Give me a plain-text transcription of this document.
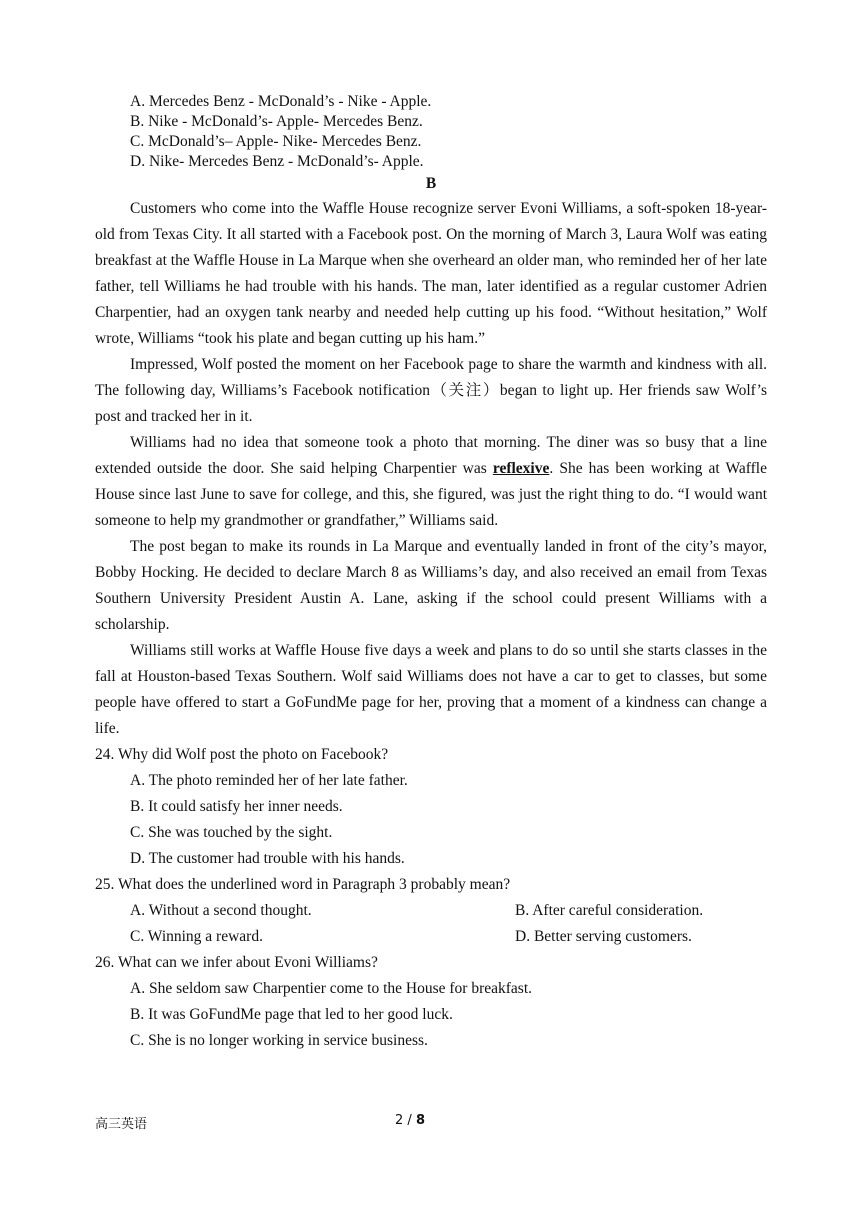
A. Mercedes Benz - McDonald’s - Nike - Apple.
B. Nike - McDonald’s- Apple- Mercedes Benz.
C. McDonald’s– Apple- Nike- Mercedes Benz.
D. Nike- Mercedes Benz - McDonald’s- Apple.
B

Customers who come into the Waffle House recognize server Evoni Williams, a soft-spoken 18-year-old from Texas City. It all started with a Facebook post. On the morning of March 3, Laura Wolf was eating breakfast at the Waffle House in La Marque when she overheard an older man, who reminded her of her late father, tell Williams he had trouble with his hands. The man, later identified as a regular customer Adrien Charpentier, had an oxygen tank nearby and needed help cutting up his food. “Without hesitation,” Wolf wrote, Williams “took his plate and began cutting up his ham.”

Impressed, Wolf posted the moment on her Facebook page to share the warmth and kindness with all. The following day, Williams’s Facebook notification（关注）began to light up. Her friends saw Wolf’s post and tracked her in it.

Williams had no idea that someone took a photo that morning. The diner was so busy that a line extended outside the door. She said helping Charpentier was reflexive. She has been working at Waffle House since last June to save for college, and this, she figured, was just the right thing to do. “I would want someone to help my grandmother or grandfather,” Williams said.

The post began to make its rounds in La Marque and eventually landed in front of the city’s mayor, Bobby Hocking. He decided to declare March 8 as Williams’s day, and also received an email from Texas Southern University President Austin A. Lane, asking if the school could present Williams with a scholarship.

Williams still works at Waffle House five days a week and plans to do so until she starts classes in the fall at Houston-based Texas Southern. Wolf said Williams does not have a car to get to classes, but some people have offered to start a GoFundMe page for her, proving that a moment of a kindness can change a life.

24. Why did Wolf post the photo on Facebook?
A. The photo reminded her of her late father.
B. It could satisfy her inner needs.
C. She was touched by the sight.
D. The customer had trouble with his hands.
25. What does the underlined word in Paragraph 3 probably mean?
A. Without a second thought.	B. After careful consideration.
C. Winning a reward.	D. Better serving customers.
26. What can we infer about Evoni Williams?
A. She seldom saw Charpentier come to the House for breakfast.
B. It was GoFundMe page that led to her good luck.
C. She is no longer working in service business.
高三英语	2 / 8
